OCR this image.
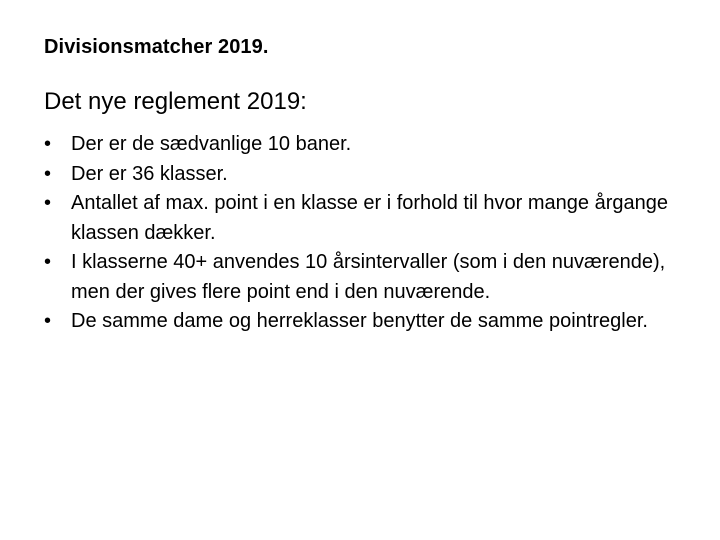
Divisionsmatcher 2019.
Det nye reglement 2019:
• Der er de sædvanlige 10 baner.
• Der er 36 klasser.
• Antallet af max. point i en klasse er i forhold til hvor mange årgange klassen dækker.
• I klasserne 40+ anvendes 10 årsintervaller (som i den nuværende), men der gives flere point end i den nuværende.
• De samme dame og herreklasser benytter de samme pointregler.
